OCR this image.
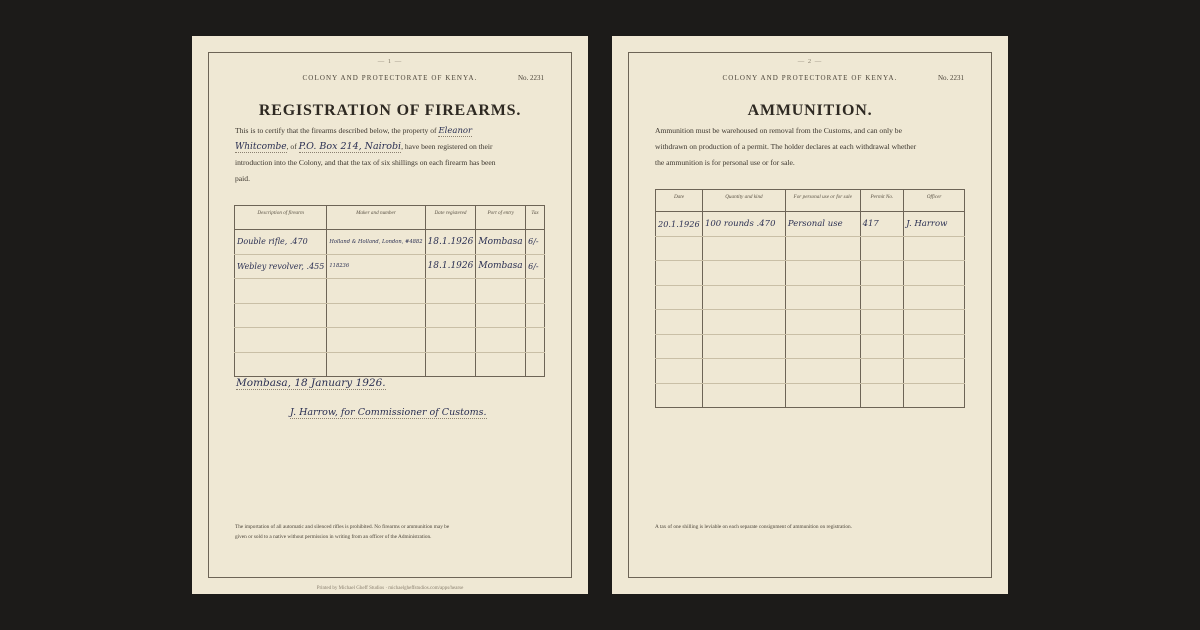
— 1 —
COLONY AND PROTECTORATE OF KENYA.	No. 2231
REGISTRATION OF FIREARMS.
This is to certify that the firearms described below, the property of Eleanor
Whitcombe, of P.O. Box 214, Nairobi, have been registered on their
introduction into the Colony, and that the tax of six shillings on each firearm has been
paid.
Description of firearm	Maker and number	Date registered	Port of entry	Tax
Double rifle, .470	Holland & Holland, London, #4882	18.1.1926	Mombasa	6/-
Webley revolver, .455	118236	18.1.1926	Mombasa	6/-

Mombasa, 18 January 1926.
J. Harrow, for Commissioner of Customs.
The importation of all automatic and silenced rifles is prohibited. No firearms or ammunition may be
given or sold to a native without permission in writing from an officer of the Administration.
Printed by Michael Gheff Studios · michaelgheffstudios.com/apps/hearse
— 2 —
COLONY AND PROTECTORATE OF KENYA.	No. 2231
AMMUNITION.
Ammunition must be warehoused on removal from the Customs, and can only be
withdrawn on production of a permit. The holder declares at each withdrawal whether
the ammunition is for personal use or for sale.
Date	Quantity and kind	For personal use or for sale	Permit No.	Officer
20.1.1926	100 rounds .470	Personal use	417	J. Harrow

A tax of one shilling is leviable on each separate consignment of ammunition on registration.
